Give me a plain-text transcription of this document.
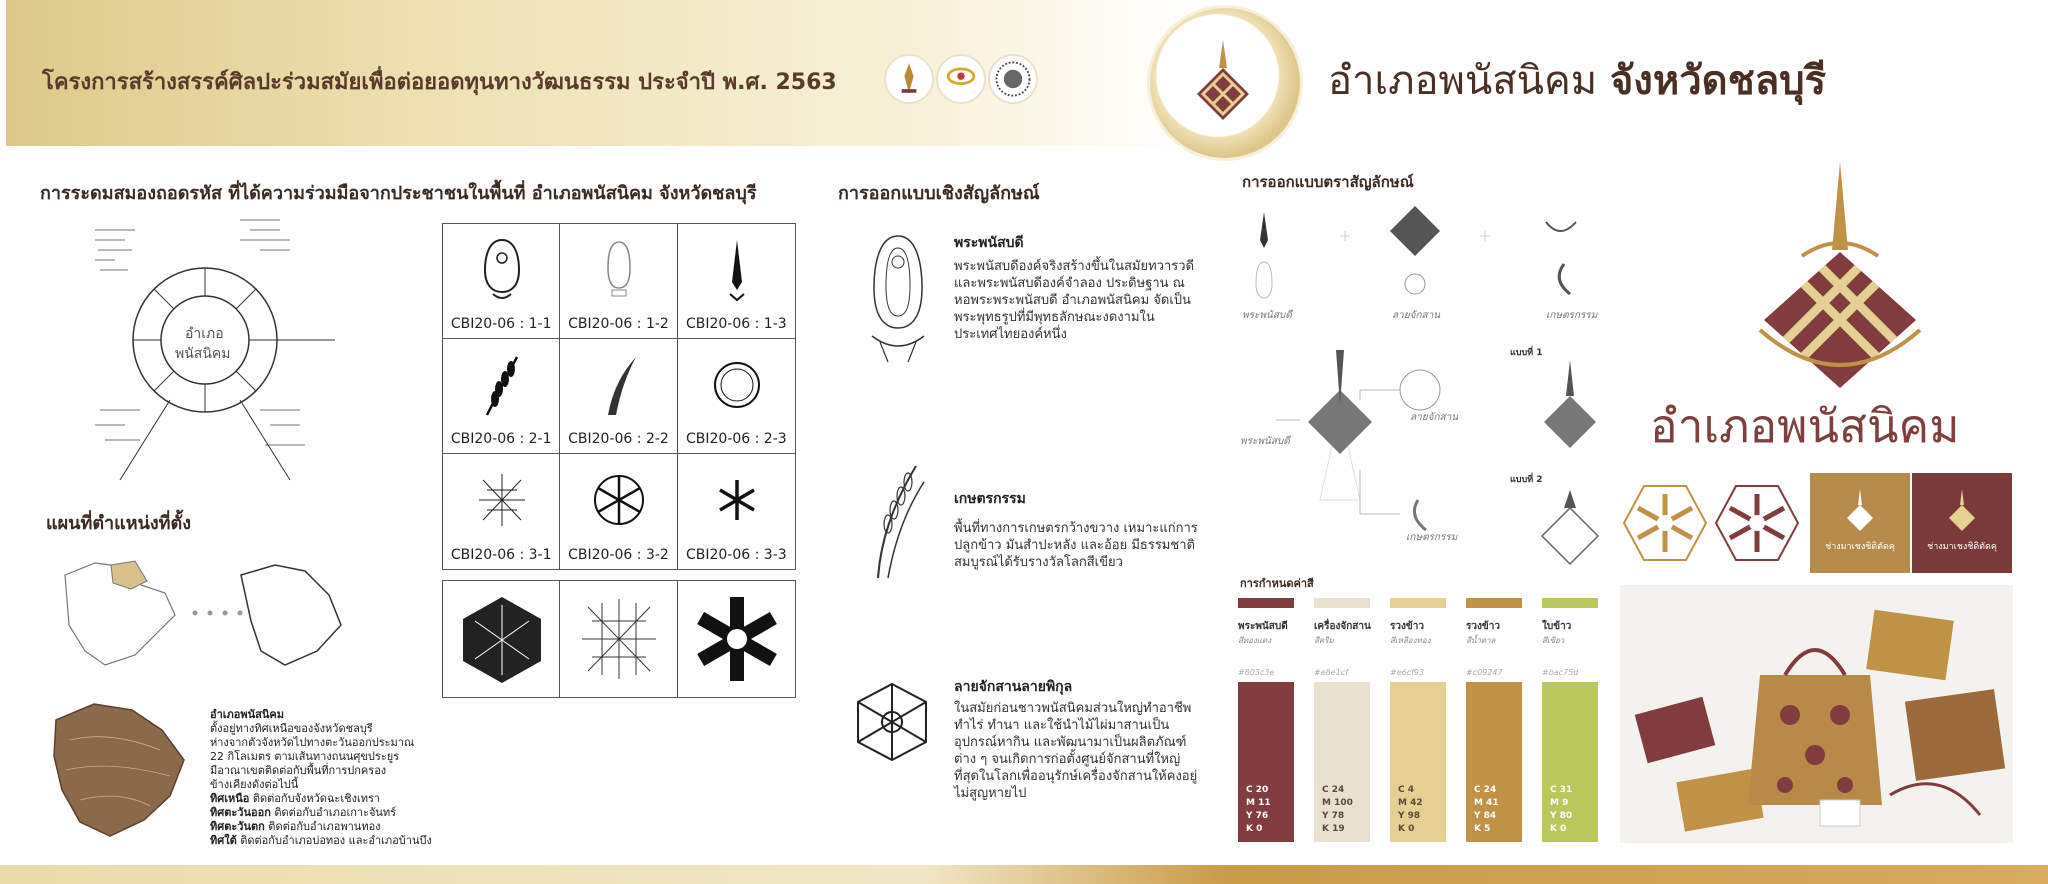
โครงการสร้างสรรค์ศิลปะร่วมสมัยเพื่อต่อยอดทุนทางวัฒนธรรม ประจำปี พ.ศ. 2563	อำเภอพนัสนิคม จังหวัดชลบุรี
การระดมสมองถอดรหัส ที่ได้ความร่วมมือจากประชาชนในพื้นที่ อำเภอพนัสนิคม จังหวัดชลบุรี	การออกแบบเชิงสัญลักษณ์
การออกแบบตราสัญลักษณ์
แผนที่ตำแหน่งที่ตั้ง
อำเภอ
พนัสนิคม
CBI20-06 : 1-1	CBI20-06 : 1-2	CBI20-06 : 1-3
CBI20-06 : 2-1	CBI20-06 : 2-2	CBI20-06 : 2-3
CBI20-06 : 3-1	CBI20-06 : 3-2	CBI20-06 : 3-3
อำเภอพนัสนิคม
ตั้งอยู่ทางทิศเหนือของจังหวัดชลบุรี
ห่างจากตัวจังหวัดไปทางตะวันออกประมาณ
22 กิโลเมตร ตามเส้นทางถนนศุขประยูร
มีอาณาเขตติดต่อกับพื้นที่การปกครอง
ข้างเคียงดังต่อไปนี้
ทิศเหนือ ติดต่อกับจังหวัดฉะเชิงเทรา
ทิศตะวันออก ติดต่อกับอำเภอเกาะจันทร์
ทิศตะวันตก ติดต่อกับอำเภอพานทอง
ทิศใต้ ติดต่อกับอำเภอบ่อทอง และอำเภอบ้านบึง
พระพนัสบดี
พระพนัสบดีองค์จริงสร้างขึ้นในสมัยทวารวดี และพระพนัสบดีองค์จำลอง ประดิษฐาน ณ หอพระพระพนัสบดี อำเภอพนัสนิคม จัดเป็นพระพุทธรูปที่มีพุทธลักษณะงดงามในประเทศไทยองค์หนึ่ง
เกษตรกรรม
พื้นที่ทางการเกษตรกว้างขวาง เหมาะแก่การปลูกข้าว มันสำปะหลัง และอ้อย มีธรรมชาติสมบูรณ์ได้รับรางวัลโลกสีเขียว
ลายจักสานลายพิกุล
ในสมัยก่อนชาวพนัสนิคมส่วนใหญ่ทำอาชีพทำไร่ ทำนา และใช้นำไม้ไผ่มาสานเป็นอุปกรณ์หากิน และพัฒนามาเป็นผลิตภัณฑ์ต่าง ๆ จนเกิดการก่อตั้งศูนย์จักสานที่ใหญ่ที่สุดในโลกเพื่ออนุรักษ์เครื่องจักสานให้คงอยู่ไม่สูญหายไป
พระพนัสบดี	ลายจักสาน	เกษตรกรรม
พระพนัสบดี
ลายจักสาน
เกษตรกรรม
แบบที่ 1
แบบที่ 2
อำเภอพนัสนิคม
ช่างมาเชงชิดิตัดคุ	ช่างมาเชงชิดิตัดคุ
การกำหนดค่าสี
พระพนัสบดี
สีทองแดง
#803c3e
C 20
M 11
Y 76
K 0
เครื่องจักสาน
สีครีม
#e8e1cf
C 24
M 100
Y 78
K 19
รวงข้าว
สีเหลืองทอง
#e6cf93
C 4
M 42
Y 98
K 0
รวงข้าว
สีน้ำตาล
#c09247
C 24
M 41
Y 84
K 5
ใบข้าว
สีเขียว
#bac75d
C 31
M 9
Y 80
K 0
